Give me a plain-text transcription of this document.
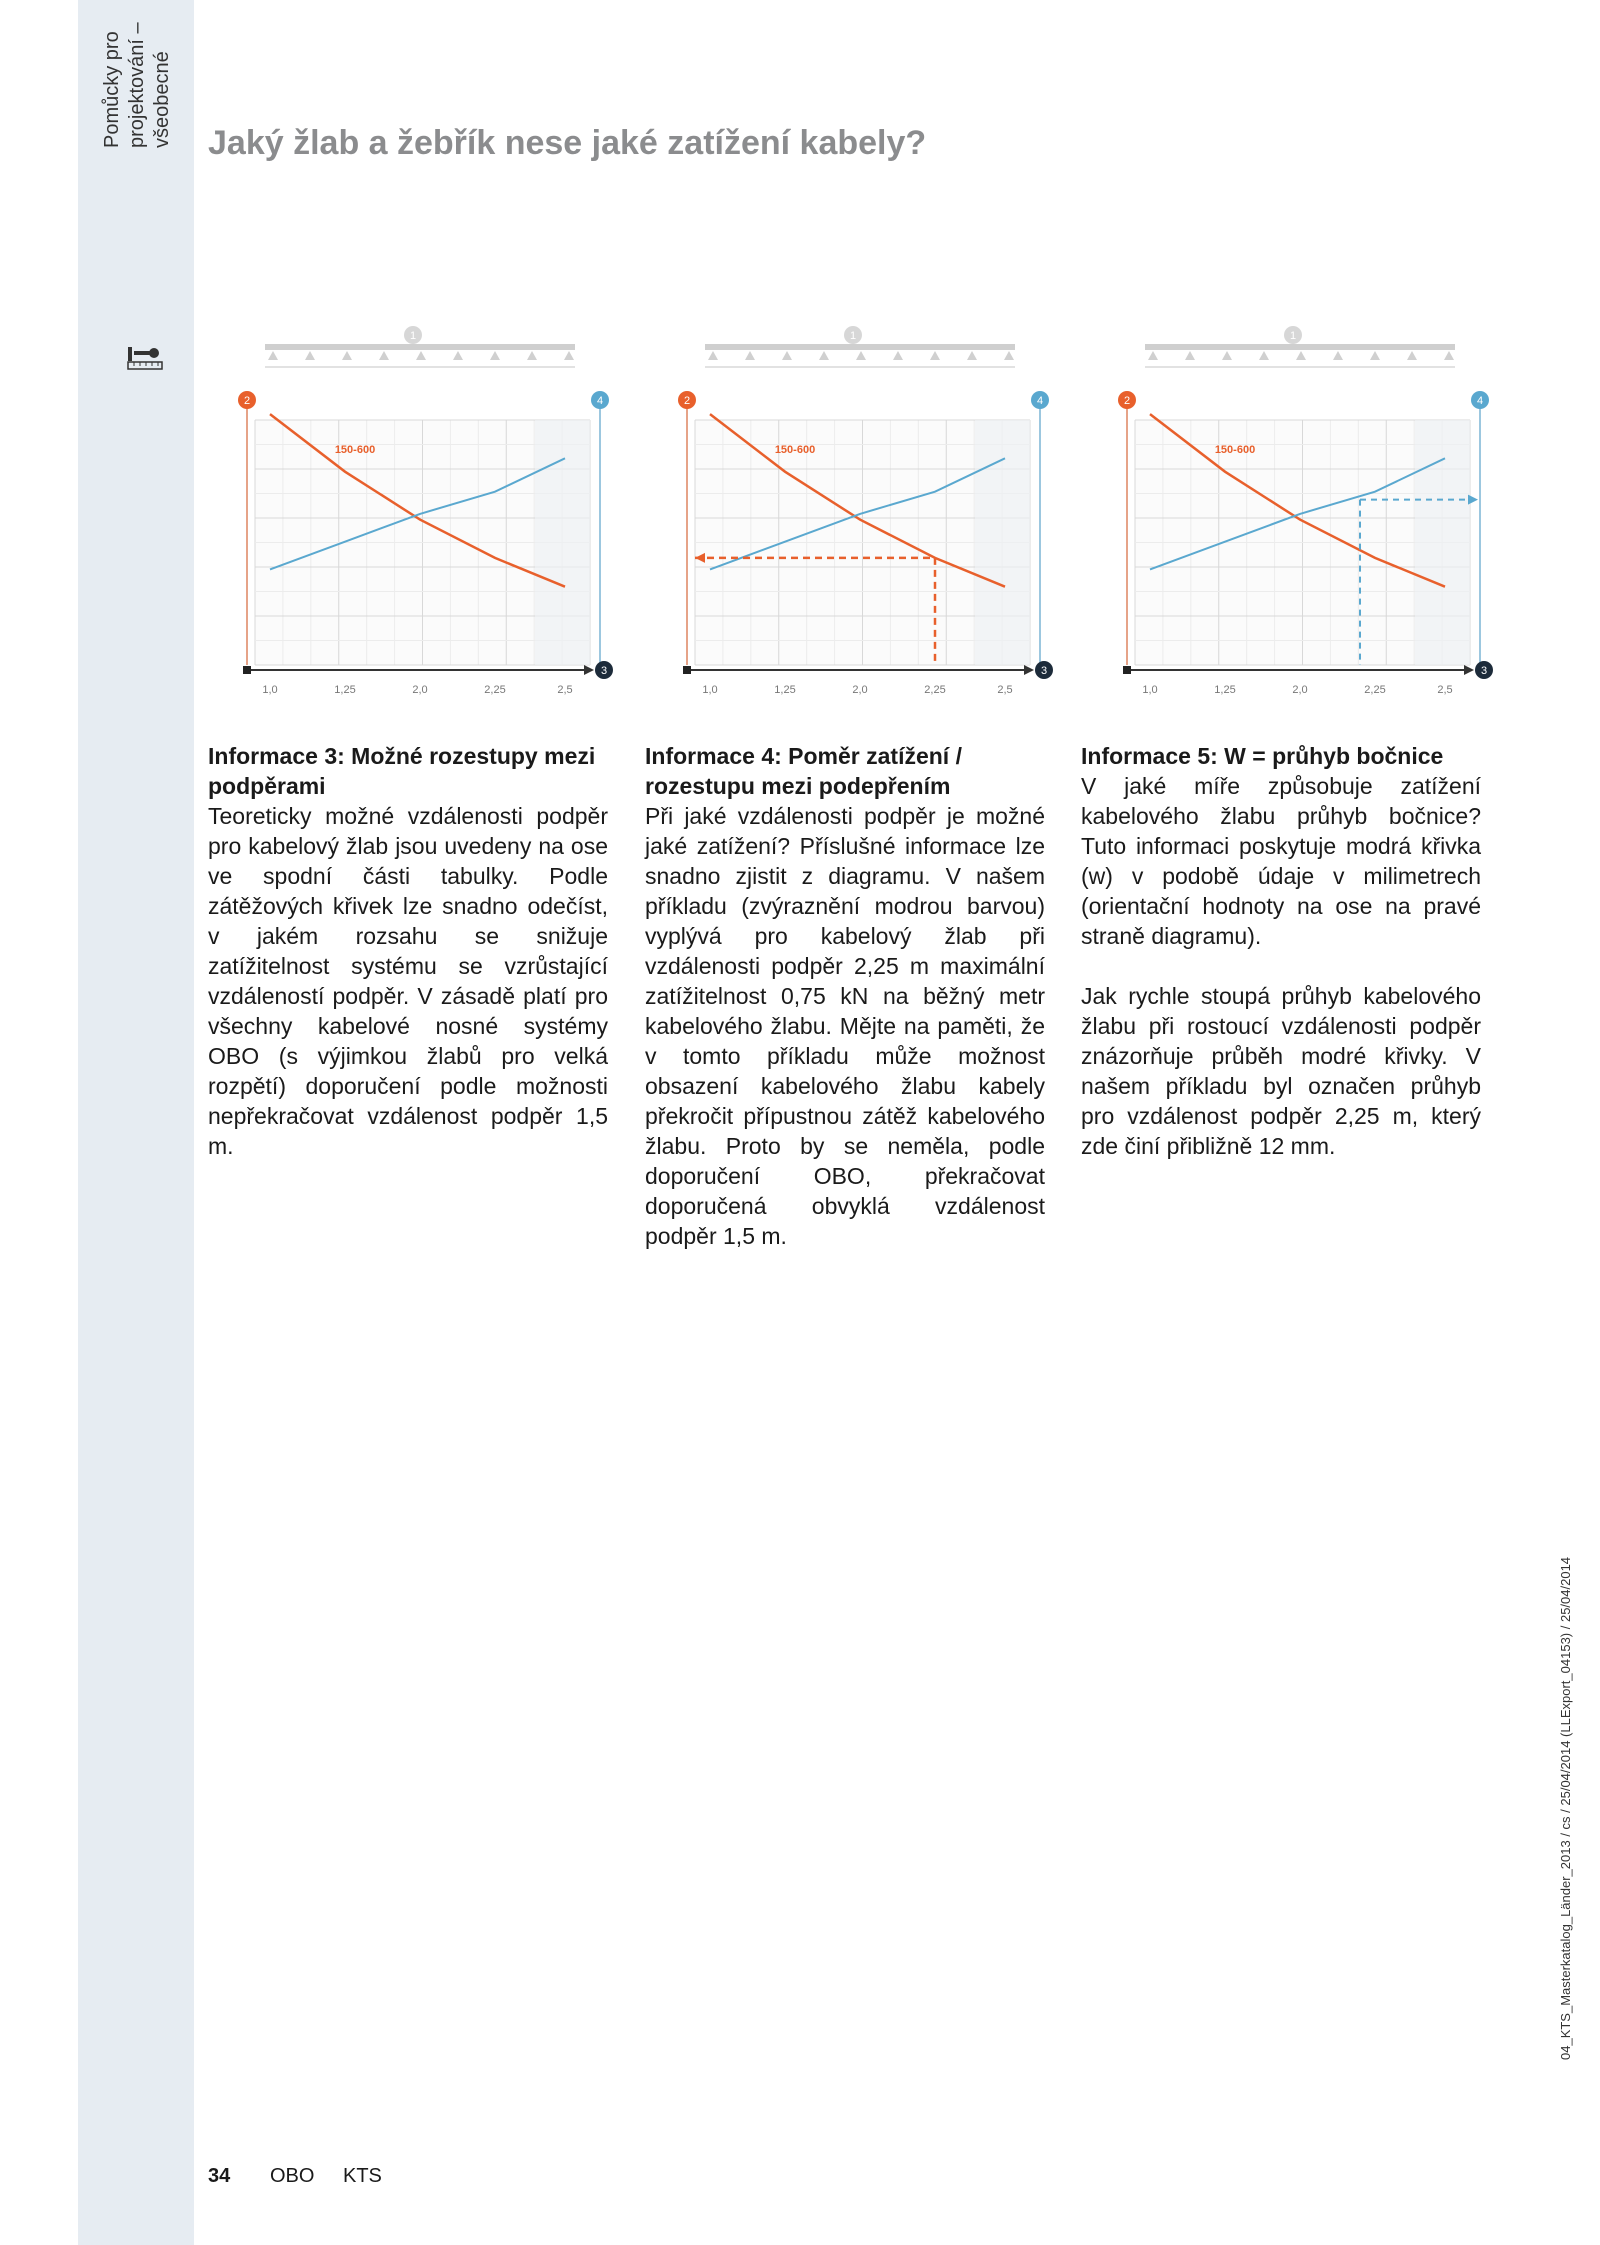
Pomůcky pro projektování – všeobecné Jaký žlab a žebřík nese jaké zatížení kabely?
1
2	4
3
1,0	1,25	2,0	2,25	2,5
150-600
1
2	4
3
1,0	1,25	2,0	2,25	2,5
150-600
1
2	4
3
1,0	1,25	2,0	2,25	2,5
150-600

Informace 3: Možné rozestupy mezi podpěrami

Teoreticky možné vzdálenosti podpěr pro kabelový žlab jsou uvedeny na ose ve spodní části tabulky. Podle zátěžových křivek lze snadno odečíst, v jakém rozsahu se snižuje zatížitelnost systému se vzrůstající vzdáleností podpěr. V zásadě platí pro všechny kabelové nosné systémy OBO (s výjimkou žlabů pro velká rozpětí) doporučení podle možnosti nepřekračovat vzdálenost podpěr 1,5 m.

Informace 4: Poměr zatížení / rozestupu mezi podepřením

Při jaké vzdálenosti podpěr je možné jaké zatížení? Příslušné informace lze snadno zjistit z diagramu. V našem příkladu (zvýraznění modrou barvou) vyplývá pro kabelový žlab při vzdálenosti podpěr 2,25 m maximální zatížitelnost 0,75 kN na běžný metr kabelového žlabu. Mějte na paměti, že v tomto příkladu může možnost obsazení kabelového žlabu kabely překročit přípustnou zátěž kabelového žlabu. Proto by se neměla, podle doporučení OBO, překračovat doporučená obvyklá vzdálenost podpěr 1,5 m.

Informace 5: W = průhyb bočnice

V jaké míře způsobuje zatížení kabelového žlabu průhyb bočnice? Tuto informaci poskytuje modrá křivka (w) v podobě údaje v milimetrech (orientační hodnoty na ose na pravé straně diagramu).

Jak rychle stoupá průhyb kabelového žlabu při rostoucí vzdálenosti podpěr znázorňuje průběh modré křivky. V našem příkladu byl označen průhyb pro vzdálenost podpěr 2,25 m, který zde činí přibližně 12 mm.

34 OBO KTS
04_KTS_Masterkatalog_Länder_2013 / cs / 25/04/2014 (LLExport_04153) / 25/04/2014
